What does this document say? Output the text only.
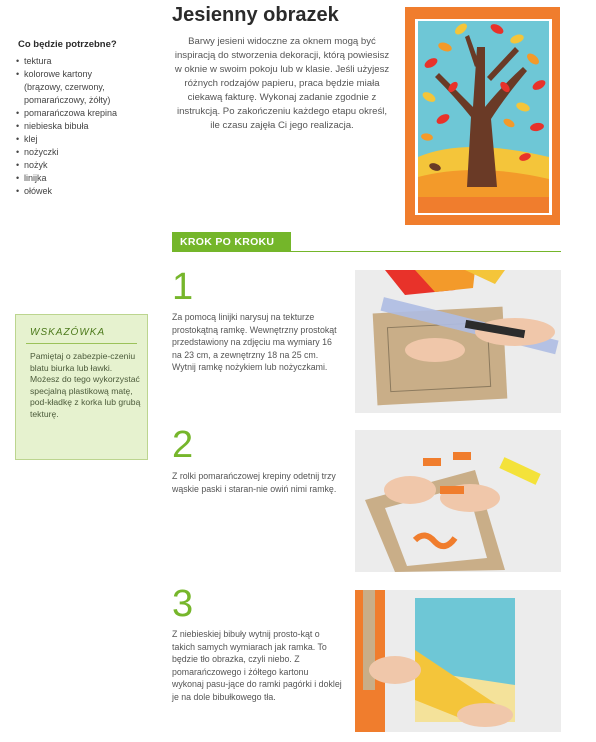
Co będzie potrzebne?
• tektura
• kolorowe kartony
(brązowy, czerwony,
pomarańczowy, żółty)
• pomarańczowa krepina
• niebieska bibuła
• klej
• nożyczki
• nożyk
• linijka
• ołówek
WSKAZÓWKA
Pamiętaj o zabezpie-czeniu blatu biurka lub ławki. Możesz do tego wykorzystać specjalną plastikową matę, pod-kładkę z korka lub grubą tekturę.
Jesienny obrazek
Barwy jesieni widoczne za oknem mogą być inspiracją do stworzenia dekoracji, którą powiesisz w oknie w swoim pokoju lub w klasie. Jeśli użyjesz różnych rodzajów papieru, praca będzie miała ciekawą fakturę. Wykonaj zadanie zgodnie z instrukcją. Po zakończeniu każdego etapu określ, ile czasu zajęła Ci jego realizacja.
KROK PO KROKU
1
Za pomocą linijki narysuj na tekturze prostokątną ramkę. Wewnętrzny prostokąt przedstawiony na zdjęciu ma wymiary 16 na 23 cm, a zewnętrzny 18 na 25 cm. Wytnij ramkę nożykiem lub nożyczkami.
2
Z rolki pomarańczowej krepiny odetnij trzy wąskie paski i staran-nie owiń nimi ramkę.
3
Z niebieskiej bibuły wytnij prosto-kąt o takich samych wymiarach jak ramka. To będzie tło obrazka, czyli niebo. Z pomarańczowego i żółtego kartonu wykonaj pasu-jące do ramki pagórki i doklej je na dole bibułkowego tła.
